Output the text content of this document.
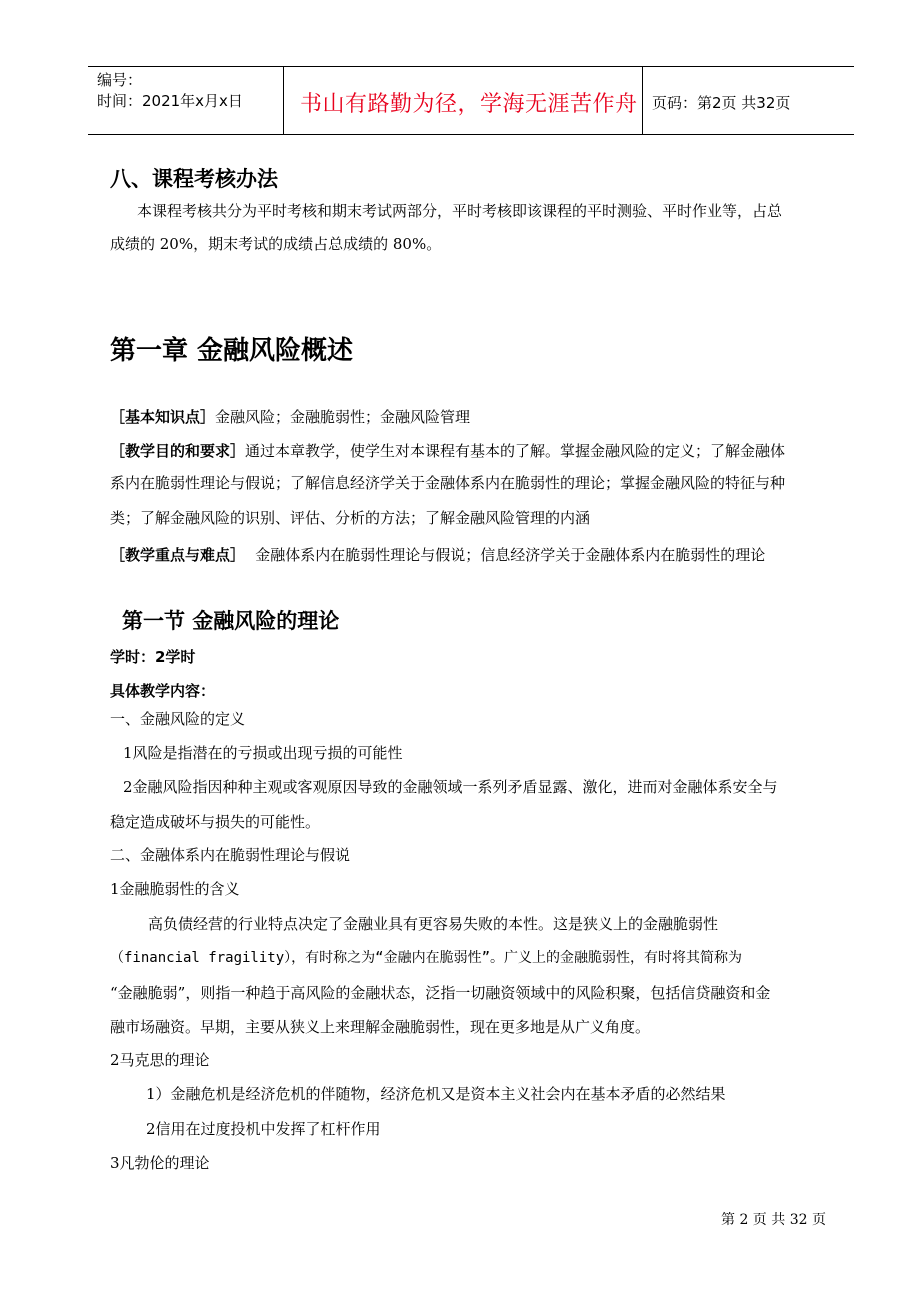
编号：
时间：2021年x月x日	书山有路勤为径，学海无涯苦作舟 页码：第2页 共32页
八、课程考核办法
本课程考核共分为平时考核和期末考试两部分，平时考核即该课程的平时测验、平时作业等，占总
成绩的 20%，期末考试的成绩占总成绩的 80%。
第一章 金融风险概述
［基本知识点］金融风险；金融脆弱性；金融风险管理
［教学目的和要求］通过本章教学，使学生对本课程有基本的了解。掌握金融风险的定义；了解金融体
系内在脆弱性理论与假说；了解信息经济学关于金融体系内在脆弱性的理论；掌握金融风险的特征与种
类；了解金融风险的识别、评估、分析的方法；了解金融风险管理的内涵
［教学重点与难点］ 金融体系内在脆弱性理论与假说；信息经济学关于金融体系内在脆弱性的理论
第一节 金融风险的理论
学时：2学时
具体教学内容：
一、金融风险的定义
1风险是指潜在的亏损或出现亏损的可能性
2金融风险指因种种主观或客观原因导致的金融领域一系列矛盾显露、激化，进而对金融体系安全与
稳定造成破坏与损失的可能性。
二、金融体系内在脆弱性理论与假说
1金融脆弱性的含义
高负债经营的行业特点决定了金融业具有更容易失败的本性。这是狭义上的金融脆弱性
（financial fragility），有时称之为“金融内在脆弱性”。广义上的金融脆弱性，有时将其简称为
“金融脆弱”，则指一种趋于高风险的金融状态，泛指一切融资领域中的风险积聚，包括信贷融资和金
融市场融资。早期，主要从狭义上来理解金融脆弱性，现在更多地是从广义角度。
2马克思的理论
1）金融危机是经济危机的伴随物，经济危机又是资本主义社会内在基本矛盾的必然结果
2信用在过度投机中发挥了杠杆作用
3凡勃伦的理论
第 2 页 共 32 页
